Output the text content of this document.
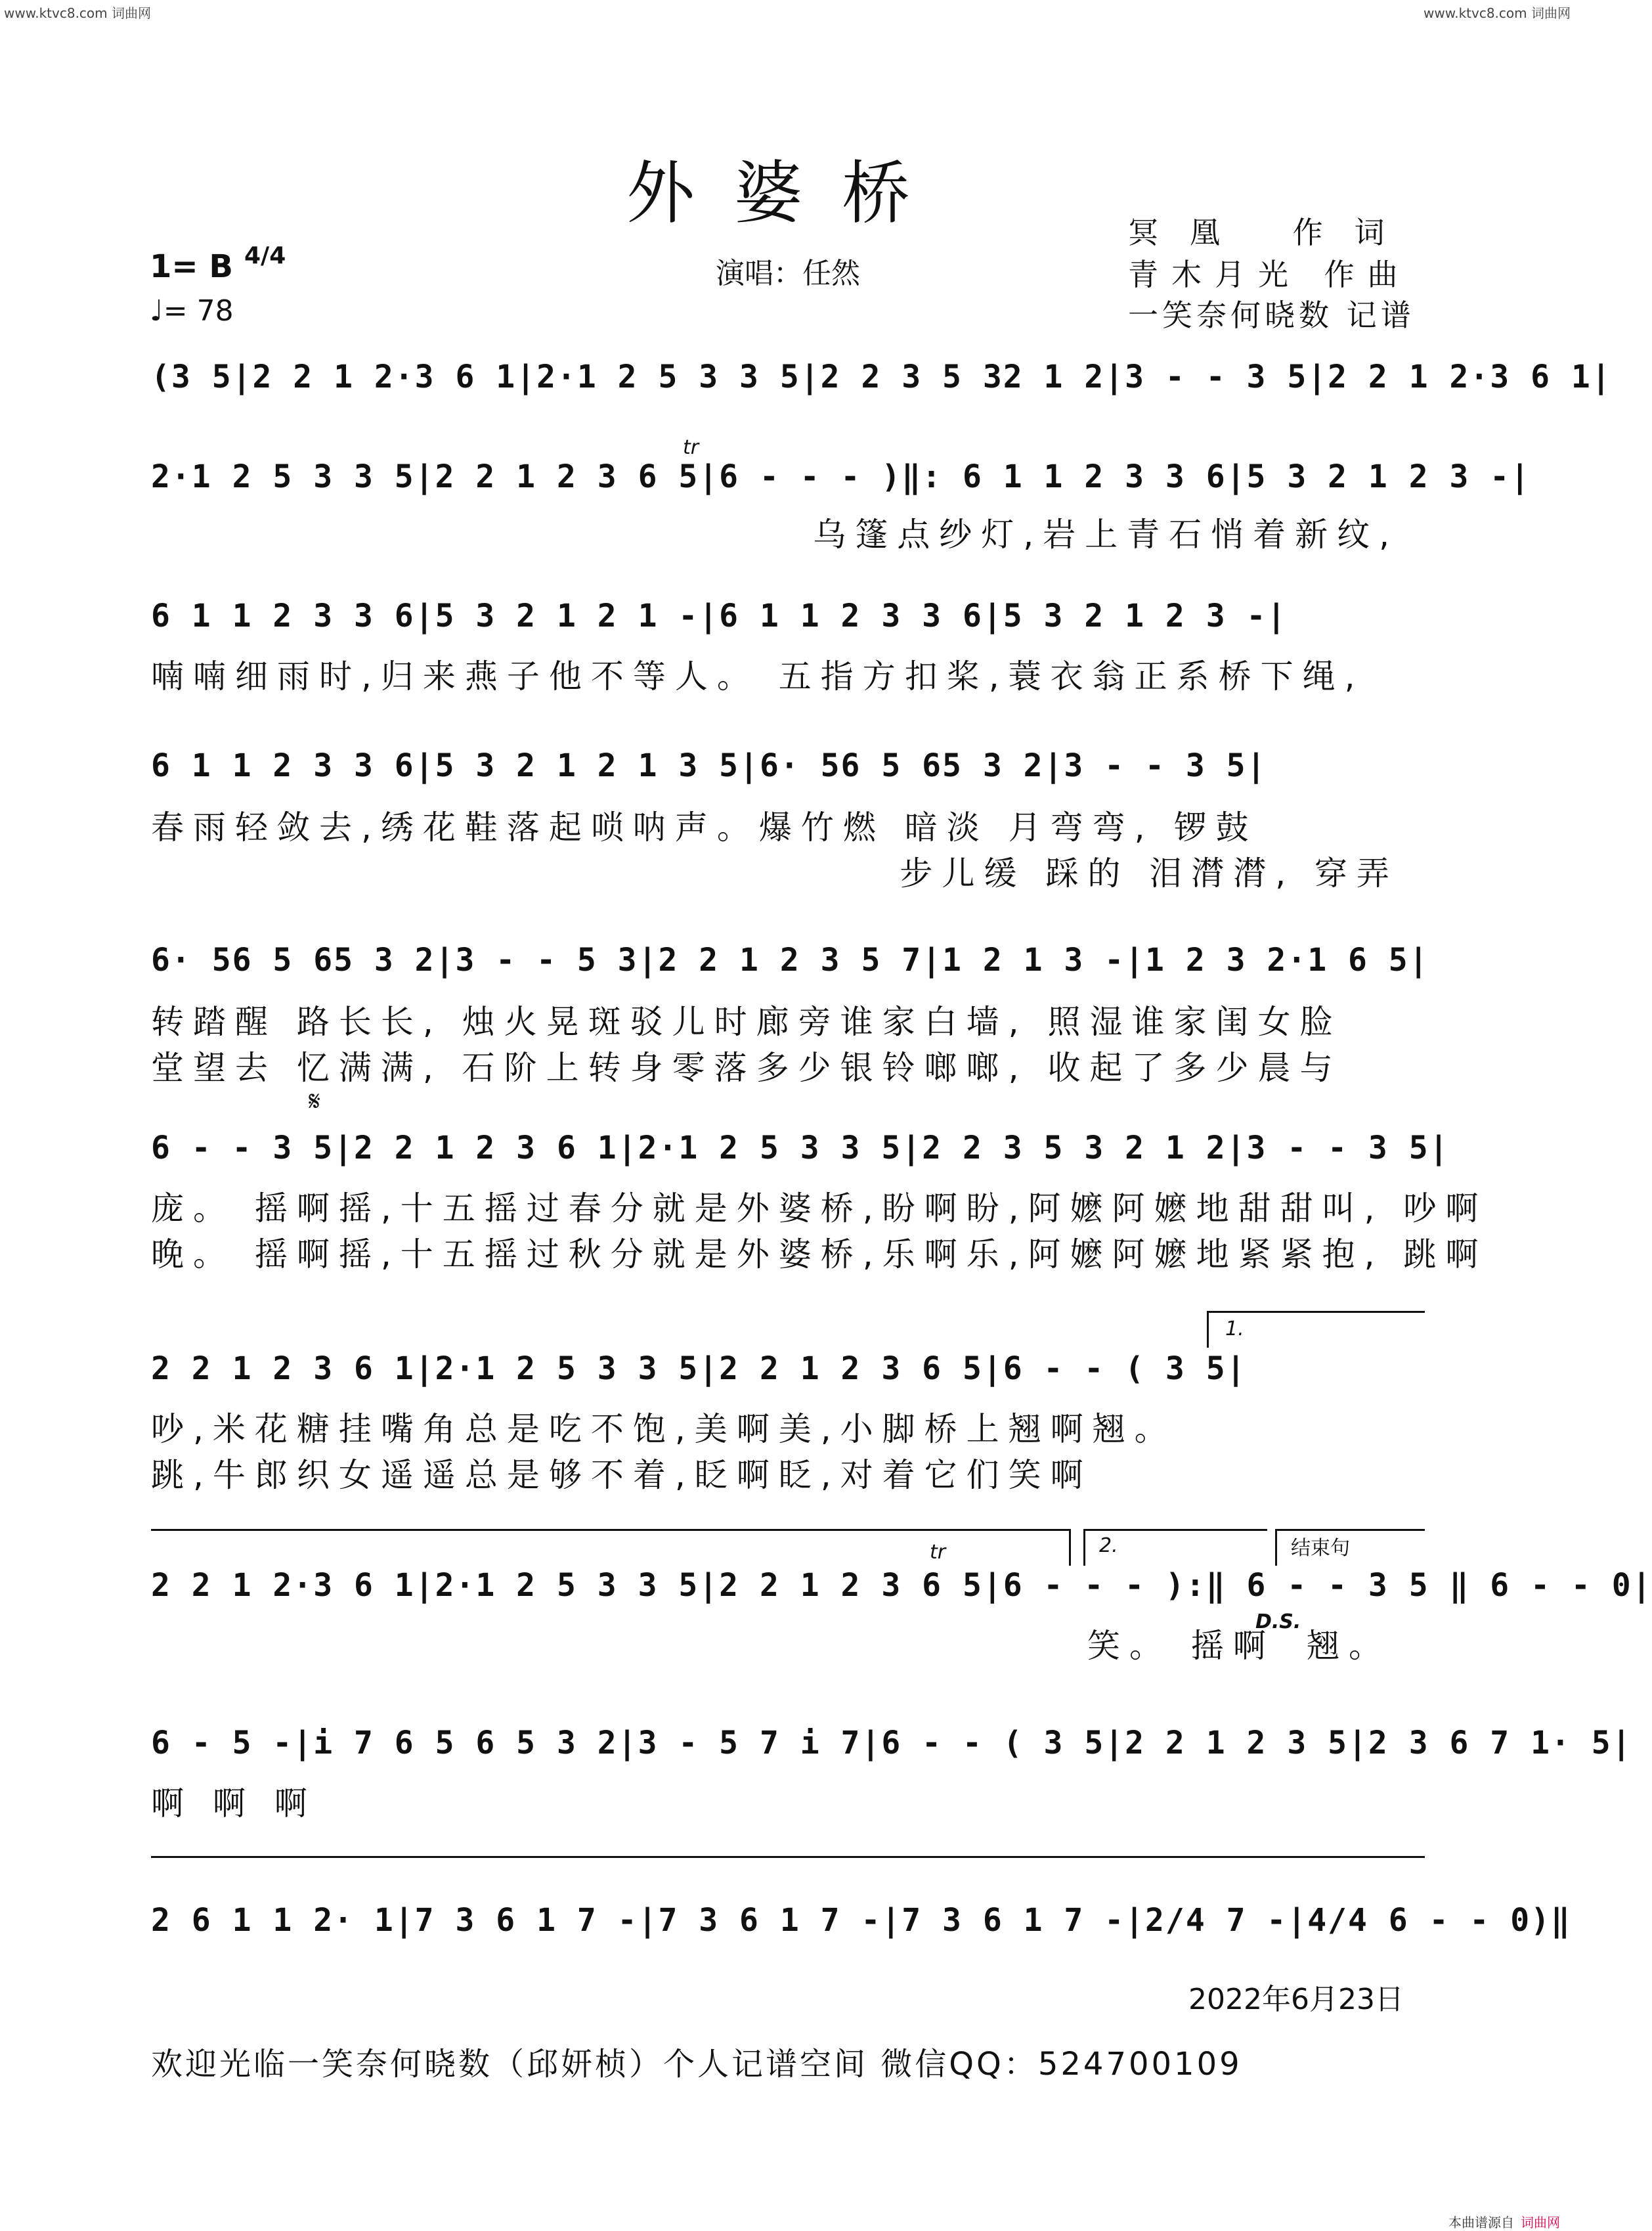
www.ktvc8.com 词曲网	www.ktvc8.com 词曲网
外婆桥
1= B 4/4
♩= 78
演唱：任然
冥凰 作词
青木月光 作曲
一笑奈何晓数 记谱
(3 5|2 2 1 2·3 6 1|2·1 2 5 3 3 5|2 2 3 5 32 1 2|3 - - 3 5|2 2 1 2·3 6 1|
2·1 2 5 3 3 5|2 2 1 2 3 6 5|6 - - - )‖: 6 1 1 2 3 3 6|5 3 2 1 2 3 -|
tr
乌篷点纱灯,岩上青石悄着新纹,
6 1 1 2 3 3 6|5 3 2 1 2 1 -|6 1 1 2 3 3 6|5 3 2 1 2 3 -|
喃喃细雨时,归来燕子他不等人。 五指方扣桨,蓑衣翁正系桥下绳,
6 1 1 2 3 3 6|5 3 2 1 2 1 3 5|6· 56 5 65 3 2|3 - - 3 5|
春雨轻敛去,绣花鞋落起唢呐声。爆竹燃 暗淡 月弯弯, 锣鼓
步儿缓 踩的 泪潸潸, 穿弄
6· 56 5 65 3 2|3 - - 5 3|2 2 1 2 3 5 7|1 2 1 3 -|1 2 3 2·1 6 5|
转踏醒 路长长, 烛火晃斑驳儿时廊旁谁家白墙, 照湿谁家闺女脸
堂望去 忆满满, 石阶上转身零落多少银铃啷啷, 收起了多少晨与
𝄋
6 - - 3 5|2 2 1 2 3 6 1|2·1 2 5 3 3 5|2 2 3 5 3 2 1 2|3 - - 3 5|
庞。 摇啊摇,十五摇过春分就是外婆桥,盼啊盼,阿嬷阿嬷地甜甜叫, 吵啊
晚。 摇啊摇,十五摇过秋分就是外婆桥,乐啊乐,阿嬷阿嬷地紧紧抱, 跳啊
1.
2 2 1 2 3 6 1|2·1 2 5 3 3 5|2 2 1 2 3 6 5|6 - - ( 3 5|
吵,米花糖挂嘴角总是吃不饱,美啊美,小脚桥上翘啊翘。
跳,牛郎织女遥遥总是够不着,眨啊眨,对着它们笑啊
2.	结束句
tr
2 2 1 2·3 6 1|2·1 2 5 3 3 5|2 2 1 2 3 6 5|6 - - - ):‖ 6 - - 3 5 ‖ 6 - - 0|
笑。 摇啊
D.S.
翘。
6 - 5 -|i 7 6 5 6 5 3 2|3 - 5 7 i 7|6 - - ( 3 5|2 2 1 2 3 5|2 3 6 7 1· 5|
啊 啊 啊
2 6 1 1 2· 1|7 3 6 1 7 -|7 3 6 1 7 -|7 3 6 1 7 -|2/4 7 -|4/4 6 - - 0)‖
2022年6月23日
欢迎光临一笑奈何晓数（邱妍桢）个人记谱空间 微信QQ：524700109
本曲谱源自 词曲网
